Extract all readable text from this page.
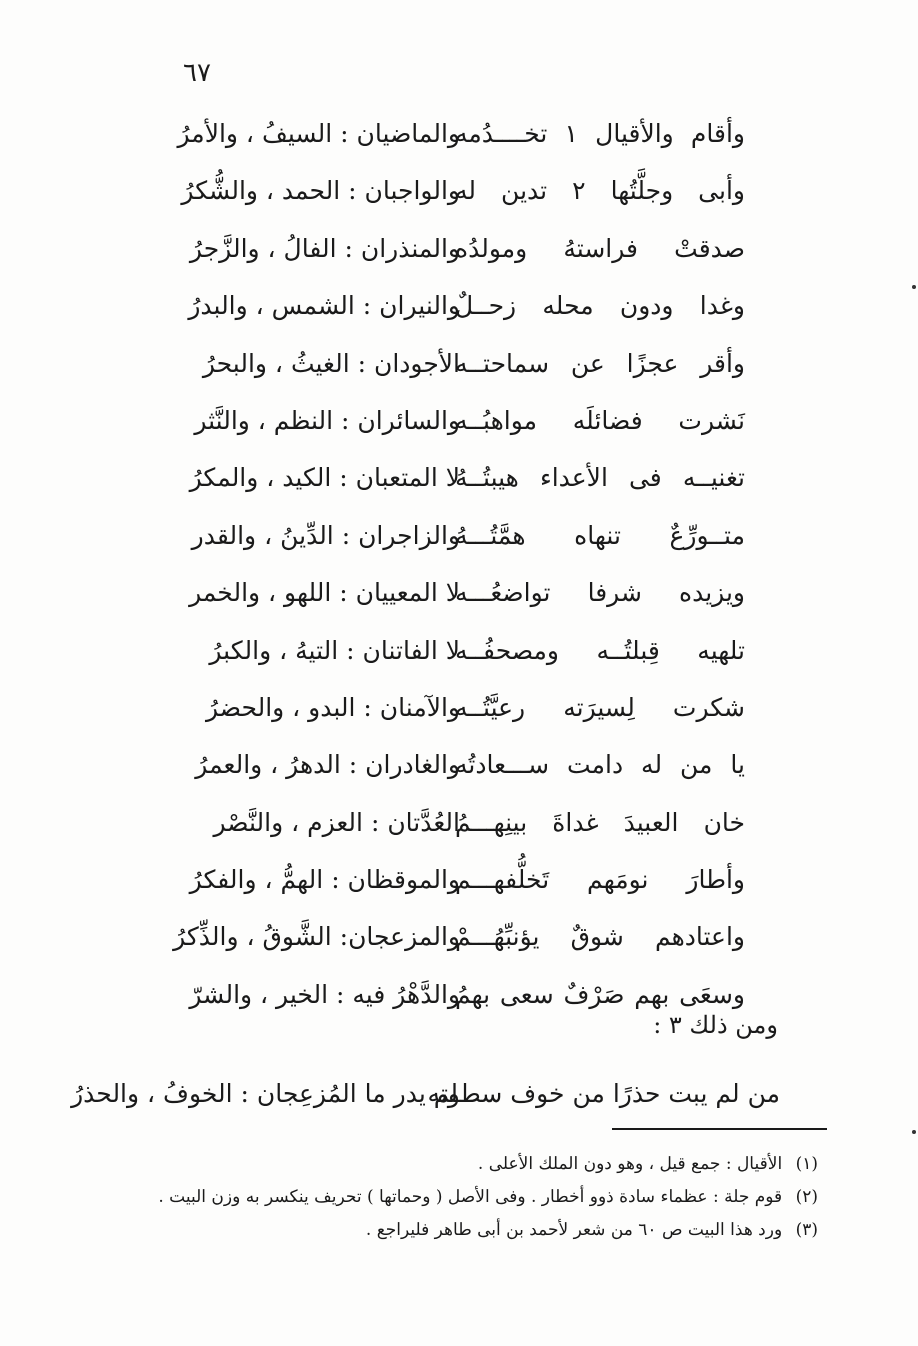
٦٧
وأقام والأقيال ١ تخــــدُمه
والماضيان : السيفُ ، والأمرُ
وأبى وجلَّتُها ٢ تدين له
والواجبان : الحمد ، والشُّكرُ
صدقتْ فراستهُ ومولدُه
والمنذران : الفالُ ، والزَّجرُ
وغدا ودون محله زحــلٌ
والنيران : الشمس ، والبدرُ
وأقر عجزًا عن سماحتــه
الأجودان : الغيثُ ، والبحرُ
نَشرت فضائلَه مواهبُــه
والسائران : النظم ، والنَّثر
تغنيــه فى الأعداء هيبتُــهُ
لا المتعبان : الكيد ، والمكرُ
متــورِّعٌ تنهاه همَّتُـــهُ
والزاجران : الدِّينُ ، والقدر
ويزيده شرفا تواضعُـــه
لا المعييان : اللهو ، والخمر
تلهيه قِبلتُــه ومصحفُــه
لا الفاتنان : التيهُ ، والكبرُ
شكرت لِسيرَته رعيَّتُــه
والآمنان : البدو ، والحضرُ
يا من له دامت ســـعادتُه
والغادران : الدهرُ ، والعمرُ
خان العبيدَ غداةَ بينِهـــمُ
العُدَّتان : العزم ، والنَّصْر
وأطارَ نومَهم تَخلُّفهـــم
والموقظان : الهمُّ ، والفكرُ
واعتادهم شوقٌ يؤنبِّهُـــمْ
والمزعجان: الشَّوقُ ، والذِّكرُ
وسعَى بهم صَرْفٌ سعى بهمُ
والدَّهْرُ فيه : الخير ، والشرّ
ومن ذلك ٣ :
من لم يبت حذرًا من خوف سطوته
لم يدر ما المُزعِجان : الخوفُ ، والحذرُ
(١) الأقيال : جمع قيل ، وهو دون الملك الأعلى .
(٢) قوم جلة : عظماء سادة ذوو أخطار . وفى الأصل ( وحماتها ) تحريف ينكسر به وزن البيت .
(٣) ورد هذا البيت ص ٦٠ من شعر لأحمد بن أبى طاهر فليراجع .
